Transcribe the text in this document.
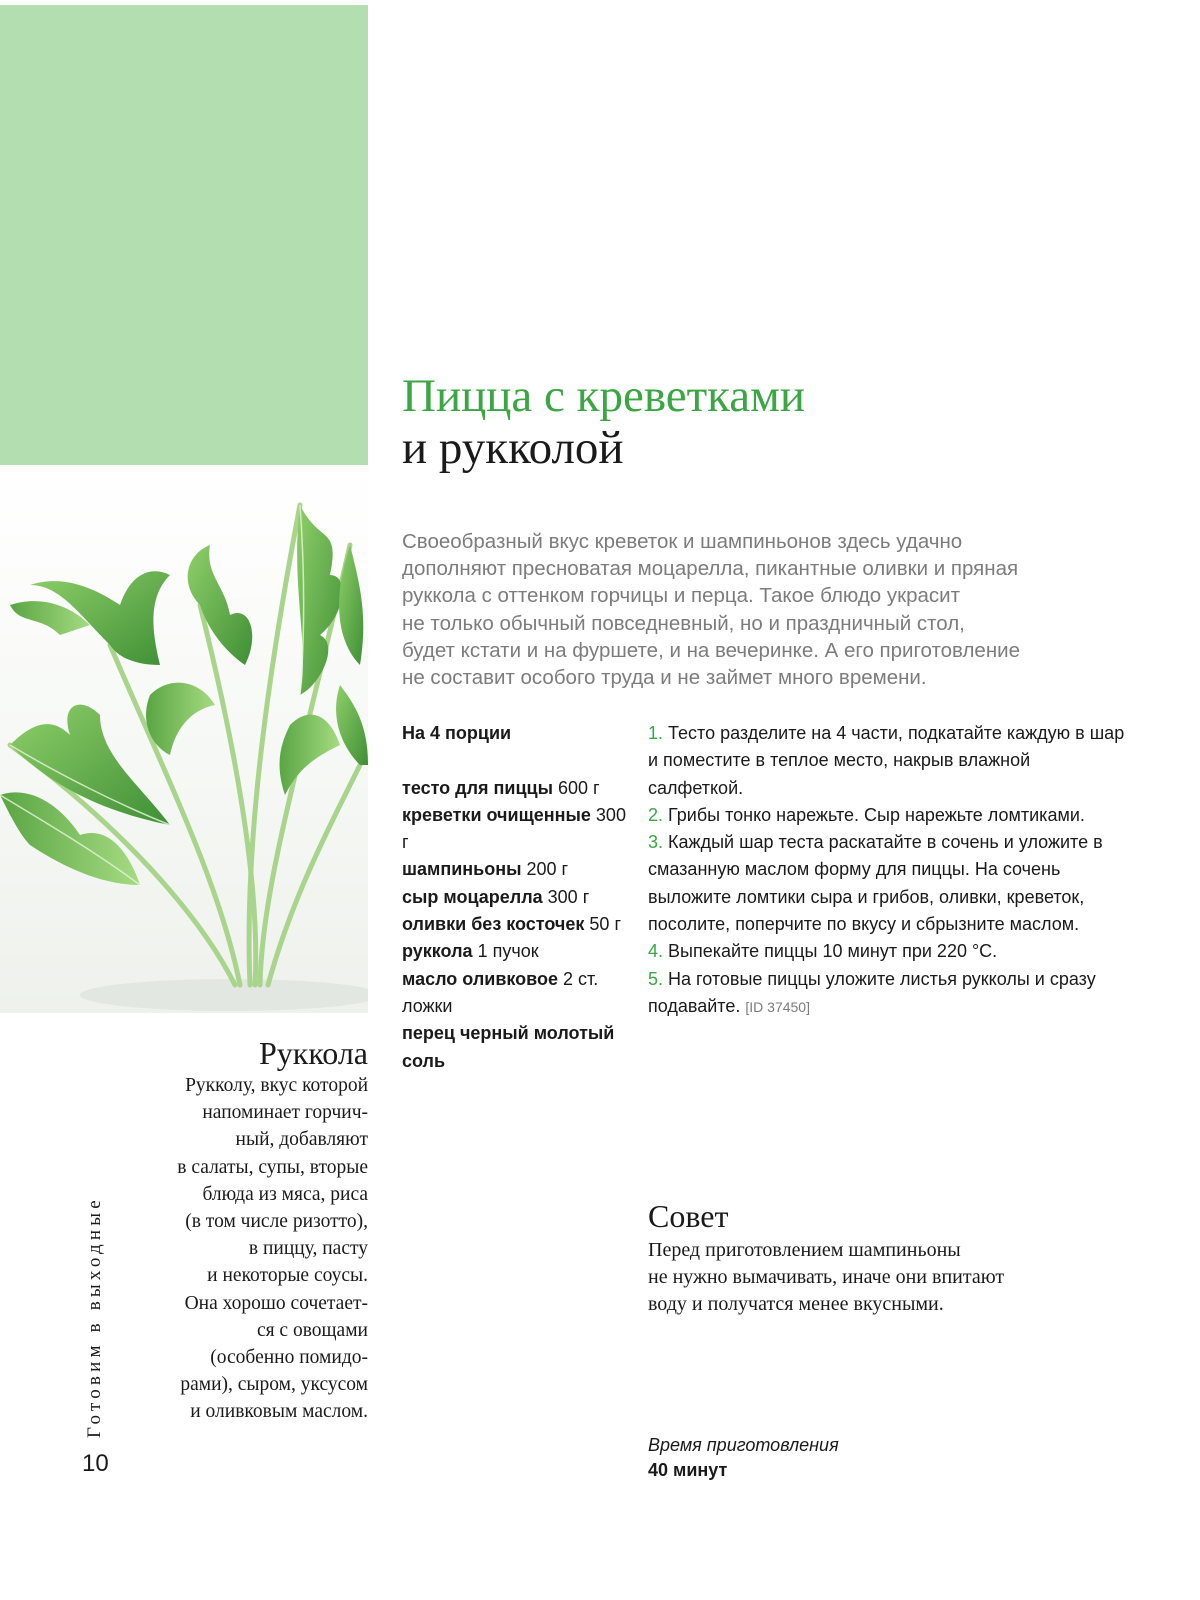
Пицца с креветками
и рукколой

Своеобразный вкус креветок и шампиньонов здесь удачно
дополняют пресноватая моцарелла, пикантные оливки и пряная
руккола с оттенком горчицы и перца. Такое блюдо украсит
не только обычный повседневный, но и праздничный стол,
будет кстати и на фуршете, и на вечеринке. А его приготовление
не составит особого труда и не займет много времени.

На 4 порции
тесто для пиццы 600 г
креветки очищенные 300 г
шампиньоны 200 г
сыр моцарелла 300 г
оливки без косточек 50 г
руккола 1 пучок
масло оливковое 2 ст. ложки
перец черный молотый
соль
1. Тесто разделите на 4 части, подкатайте каждую в шар и поместите в теплое место, накрыв влажной салфеткой.
2. Грибы тонко нарежьте. Сыр нарежьте ломтиками.
3. Каждый шар теста раскатайте в сочень и уложите в смазанную маслом форму для пиццы. На сочень выложите ломтики сыра и грибов, оливки, креветок, посолите, поперчите по вкусу и сбрызните маслом.
4. Выпекайте пиццы 10 минут при 220 °С.
5. На готовые пиццы уложите листья рукколы и сразу подавайте. [ID 37450]
Руккола

Рукколу, вкус которой
напоминает горчич-
ный, добавляют
в салаты, супы, вторые
блюда из мяса, риса
(в том числе ризотто),
в пиццу, пасту
и некоторые соусы.
Она хорошо сочетает-
ся с овощами
(особенно помидо-
рами), сыром, уксусом
и оливковым маслом.

Готовим в выходные
10
Совет

Перед приготовлением шампиньоны
не нужно вымачивать, иначе они впитают
воду и получатся менее вкусными.

Время приготовления
40 минут
